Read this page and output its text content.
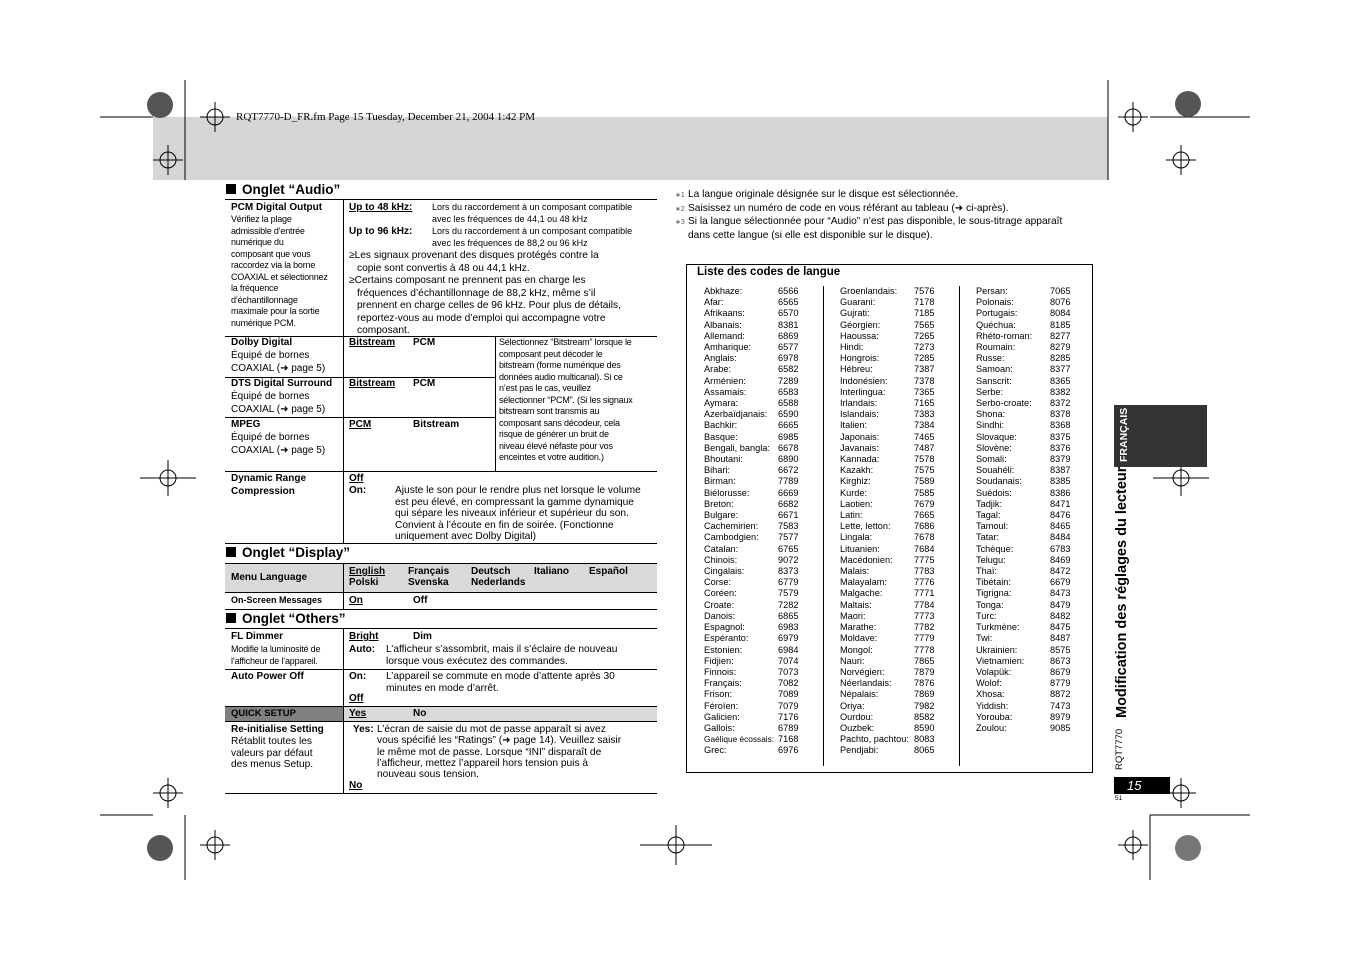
RQT7770-D_FR.fm Page 15 Tuesday, December 21, 2004 1:42 PM
Onglet “Audio”
PCM Digital Output
Vérifiez la plage
admissible d’entrée
numérique du
composant que vous
raccordez via la borne
COAXIAL et sélectionnez
la fréquence
d’échantillonnage
maximale pour la sortie
numérique PCM.
Up to 48 kHz: Lors du raccordement à un composant compatible
avec les fréquences de 44,1 ou 48 kHz
Up to 96 kHz: Lors du raccordement à un composant compatible
avec les fréquences de 88,2 ou 96 kHz
≥Les signaux provenant des disques protégés contre la
copie sont convertis à 48 ou 44,1 kHz.
≥Certains composant ne prennent pas en charge les
fréquences d’échantillonnage de 88,2 kHz, même s’il
prennent en charge celles de 96 kHz. Pour plus de détails,
reportez-vous au mode d’emploi qui accompagne votre
composant.
Dolby Digital
Équipé de bornes
COAXIAL (➜ page 5)
Bitstream PCM
DTS Digital Surround
Équipé de bornes
COAXIAL (➜ page 5)
Bitstream PCM
MPEG
Équipé de bornes
COAXIAL (➜ page 5)
PCM	Bitstream
Sélectionnez “Bitstream” lorsque le
composant peut décoder le
bitstream (forme numérique des
données audio multicanal). Si ce
n’est pas le cas, veuillez
sélectionner “PCM”. (Si les signaux
bitstream sont transmis au
composant sans décodeur, cela
risque de générer un bruit de
niveau élevé néfaste pour vos
enceintes et votre audition.)
Dynamic Range
Compression
Off
On:	Ajuste le son pour le rendre plus net lorsque le volume
est peu élevé, en compressant la gamme dynamique
qui sépare les niveaux inférieur et supérieur du son.
Convient à l’écoute en fin de soirée. (Fonctionne
uniquement avec Dolby Digital)
Onglet “Display”
Menu Language
English	Français	Deutsch	Italiano	Español
Polski	Svenska	Nederlands
On-Screen Messages	On	Off
Onglet “Others”
FL Dimmer
Modifie la luminosité de
l’afficheur de l’appareil.
Bright	Dim
Auto: L’afficheur s’assombrit, mais il s’éclaire de nouveau
lorsque vous exécutez des commandes.
Auto Power Off	On: L’appareil se commute en mode d’attente après 30
minutes en mode d’arrêt.
Off
QUICK SETUP	Yes	No
Re-initialise Setting
Rétablit toutes les
valeurs par défaut
des menus Setup.
Yes: L’écran de saisie du mot de passe apparaît si avez
vous spécifié les “Ratings” (➜ page 14). Veuillez saisir
le même mot de passe. Lorsque “INI” disparaît de
l’afficheur, mettez l’appareil hors tension puis à
nouveau sous tension.
No
∗1 La langue originale désignée sur le disque est sélectionnée.
∗2 Saisissez un numéro de code en vous référant au tableau (➜ ci-après).
∗3 Si la langue sélectionnée pour “Audio” n’est pas disponible, le sous-titrage apparaît
dans cette langue (si elle est disponible sur le disque).
Liste des codes de langue
Abkhaze:	6566
Afar:	6565
Afrikaans:	6570
Albanais:	8381
Allemand:	6869
Amharique:	6577
Anglais:	6978
Arabe:	6582
Arménien:	7289
Assamais:	6583
Aymara:	6588
Azerbaïdjanais:	6590
Bachkir:	6665
Basque:	6985
Bengali, bangla: 6678
Bhoutani:	6890
Bihari:	6672
Birman:	7789
Biélorusse:	6669
Breton:	6682
Bulgare:	6671
Cachemirien:	7583
Cambodgien:	7577
Catalan:	6765
Chinois:	9072
Cingalais:	8373
Corse:	6779
Coréen:	7579
Croate:	7282
Danois:	6865
Espagnol:	6983
Espéranto:	6979
Estonien:	6984
Fidjien:	7074
Finnois:	7073
Français:	7082
Frison:	7089
Féroïen:	7079
Galicien:	7176
Gallois:	6789
Gaélique écossais: 7168
Grec:	6976
Groenlandais:	7576
Guarani:	7178
Gujrati:	7185
Géorgien:	7565
Haoussa:	7265
Hindi:	7273
Hongrois:	7285
Hébreu:	7387
Indonésien:	7378
Interlingua:	7365
Irlandais:	7165
Islandais:	7383
Italien:	7384
Japonais:	7465
Javanais:	7487
Kannada:	7578
Kazakh:	7575
Kirghiz:	7589
Kurde:	7585
Laotien:	7679
Latin:	7665
Lette, letton:	7686
Lingala:	7678
Lituanien:	7684
Macédonien:	7775
Malais:	7783
Malayalam:	7776
Malgache:	7771
Maltais:	7784
Maori:	7773
Marathe:	7782
Moldave:	7779
Mongol:	7778
Nauri:	7865
Norvégien:	7879
Néerlandais:	7876
Népalais:	7869
Oriya:	7982
Ourdou:	8582
Ouzbek:	8590
Pachto, pachtou: 8083
Pendjabi:	8065
Persan:	7065
Polonais:	8076
Portugais:	8084
Quéchua:	8185
Rhéto-roman:	8277
Roumain:	8279
Russe:	8285
Samoan:	8377
Sanscrit:	8365
Serbe:	8382
Serbo-croate:	8372
Shona:	8378
Sindhi:	8368
Slovaque:	8375
Slovène:	8376
Somali:	8379
Souahéli:	8387
Soudanais:	8385
Suédois:	8386
Tadjik:	8471
Tagal:	8476
Tamoul:	8465
Tatar:	8484
Tchèque:	6783
Telugu:	8469
Thaï:	8472
Tibétain:	6679
Tigrigna:	8473
Tonga:	8479
Turc:	8482
Turkmène:	8475
Twi:	8487
Ukrainien:	8575
Vietnamien:	8673
Volapük:	8679
Wolof:	8779
Xhosa:	8872
Yiddish:	7473
Yorouba:	8979
Zoulou:	9085
FRANÇAIS
Modification des réglages du lecteur
RQT7770
15
51
